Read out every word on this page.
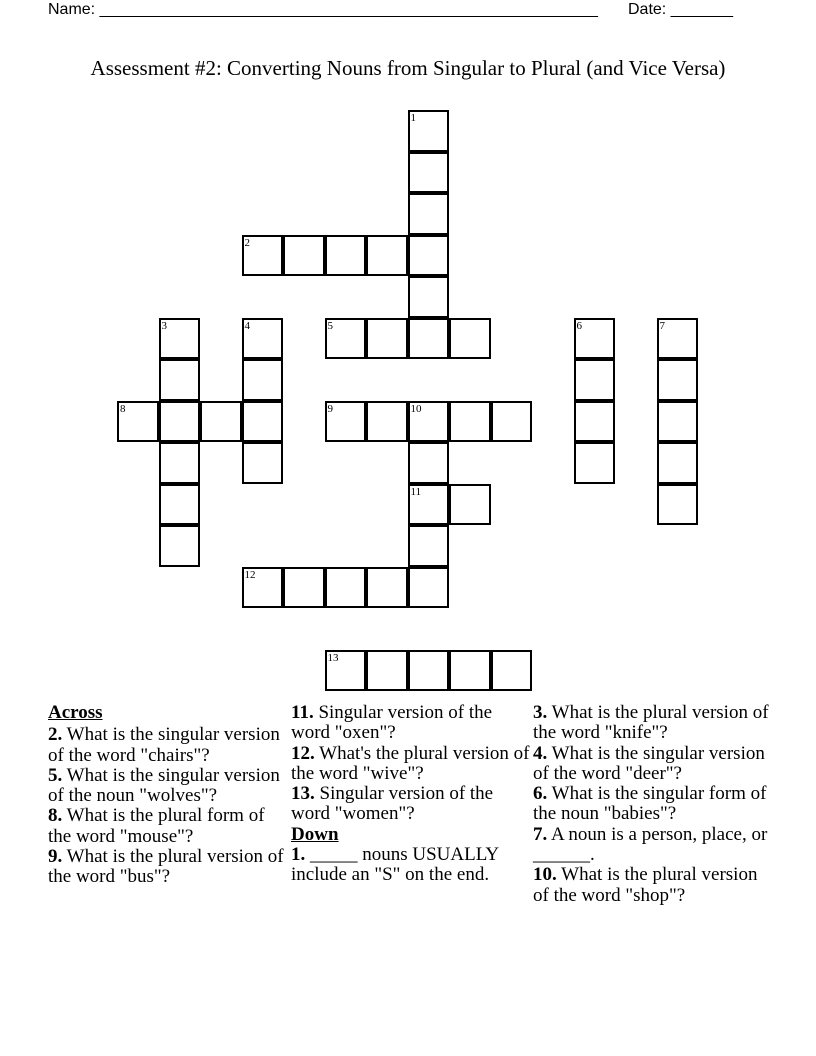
Name: ________________________________________________________ Date: _______
Assessment #2: Converting Nouns from Singular to Plural (and Vice Versa)
1
2
3	4	5	6	7
8	9	10
11
12
13
Across
2. What is the singular version of the word "chairs"?
5. What is the singular version of the noun "wolves"?
8. What is the plural form of the word "mouse"?
9. What is the plural version of the word "bus"?
11. Singular version of the word "oxen"?
12. What's the plural version of the word "wive"?
13. Singular version of the word "women"?
Down
1. _____ nouns USUALLY include an "S" on the end.
3. What is the plural version of the word "knife"?
4. What is the singular version of the word "deer"?
6. What is the singular form of the noun "babies"?
7. A noun is a person, place, or ______.
10. What is the plural version of the word "shop"?
